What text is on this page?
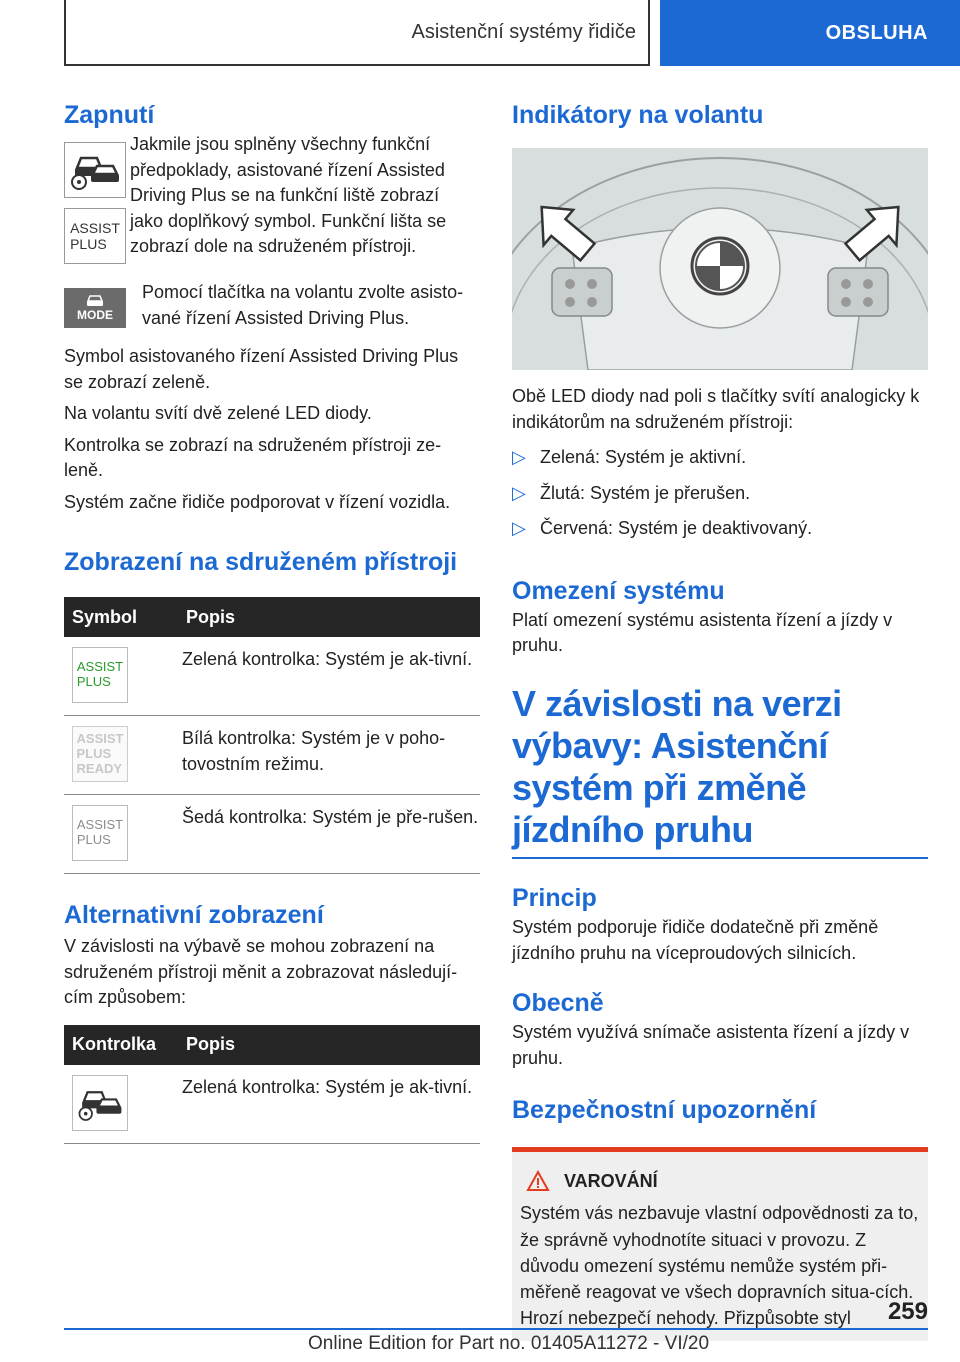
Asistenční systémy řidiče	OBSLUHA
Zapnutí
ASSIST
PLUS

Jakmile jsou splněny všechny funkční

předpoklady, asistované řízení Assisted

Driving Plus se na funkční liště zobrazí

jako doplňkový symbol. Funkční lišta se

zobrazí dole na sdruženém přístroji.

MODE

Pomocí tlačítka na volantu zvolte asisto-

vané řízení Assisted Driving Plus.

Symbol asistovaného řízení Assisted Driving Plus se zobrazí zeleně.

Na volantu svítí dvě zelené LED diody.

Kontrolka se zobrazí na sdruženém přístroji ze-leně.

Systém začne řidiče podporovat v řízení vozidla.

Zobrazení na sdruženém přístroji
Symbol	Popis

ASSIST
PLUS	Zelená kontrolka: Systém je ak-tivní.

ASSIST
PLUS
READY	Bílá kontrolka: Systém je v poho-tovostním režimu.

ASSIST
PLUS	Šedá kontrolka: Systém je pře-rušen.
Alternativní zobrazení

V závislosti na výbavě se mohou zobrazení na sdruženém přístroji měnit a zobrazovat následují-cím způsobem:

Kontrolka	Popis

	Zelená kontrolka: Systém je ak-tivní.
Indikátory na volantu

Obě LED diody nad poli s tlačítky svítí analogicky k indikátorům na sdruženém přístroji:

▷ Zelená: Systém je aktivní.
▷ Žlutá: Systém je přerušen.
▷ Červená: Systém je deaktivovaný.
Omezení systému

Platí omezení systému asistenta řízení a jízdy v pruhu.

V závislosti na verzi výbavy: Asistenční systém při změně jízdního pruhu
Princip

Systém podporuje řidiče dodatečně při změně jízdního pruhu na víceproudových silnicích.

Obecně

Systém využívá snímače asistenta řízení a jízdy v pruhu.

Bezpečnostní upozornění
VAROVÁNÍ

Systém vás nezbavuje vlastní odpovědnosti za to, že správně vyhodnotíte situaci v provozu. Z důvodu omezení systému nemůže systém při-měřeně reagovat ve všech dopravních situa-cích. Hrozí nebezpečí nehody. Přizpůsobte styl	259
Online Edition for Part no. 01405A11272 - VI/20
